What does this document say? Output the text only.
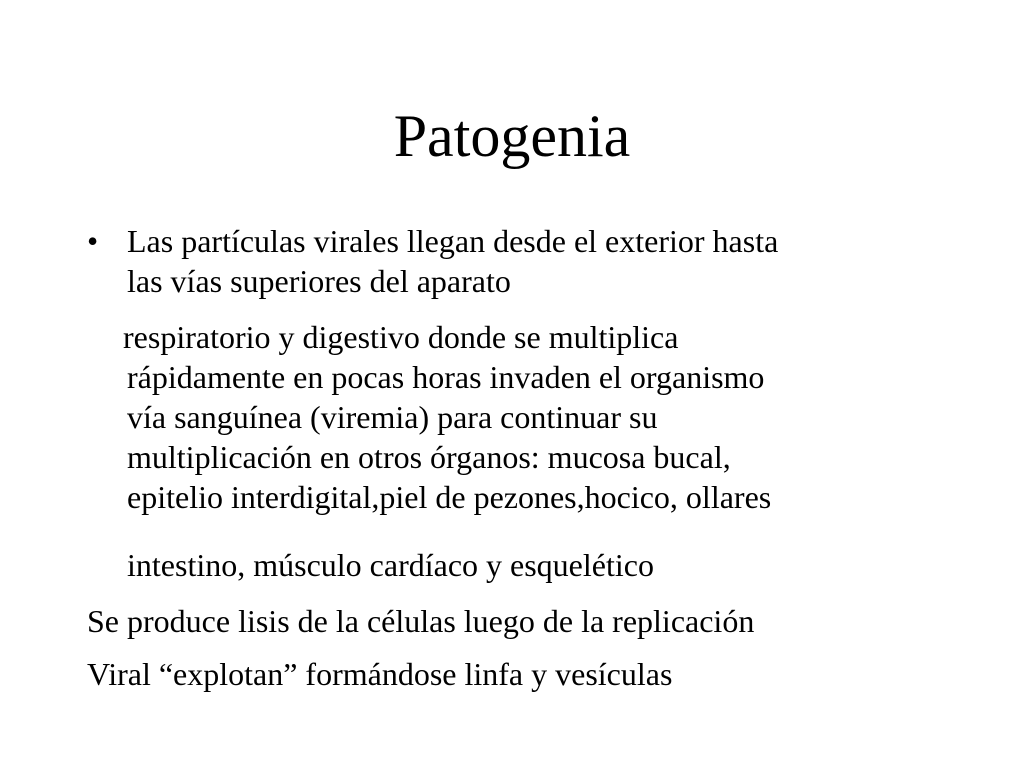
Patogenia
• Las partículas virales llegan desde el exterior hasta

las vías superiores del aparato

respiratorio y digestivo donde se multiplica

rápidamente en pocas horas invaden el organismo

vía sanguínea (viremia) para continuar su

multiplicación en otros órganos: mucosa bucal,

epitelio interdigital,piel de pezones,hocico, ollares

intestino, músculo cardíaco y esquelético

Se produce lisis de la células luego de la replicación

Viral “explotan” formándose linfa y vesículas
